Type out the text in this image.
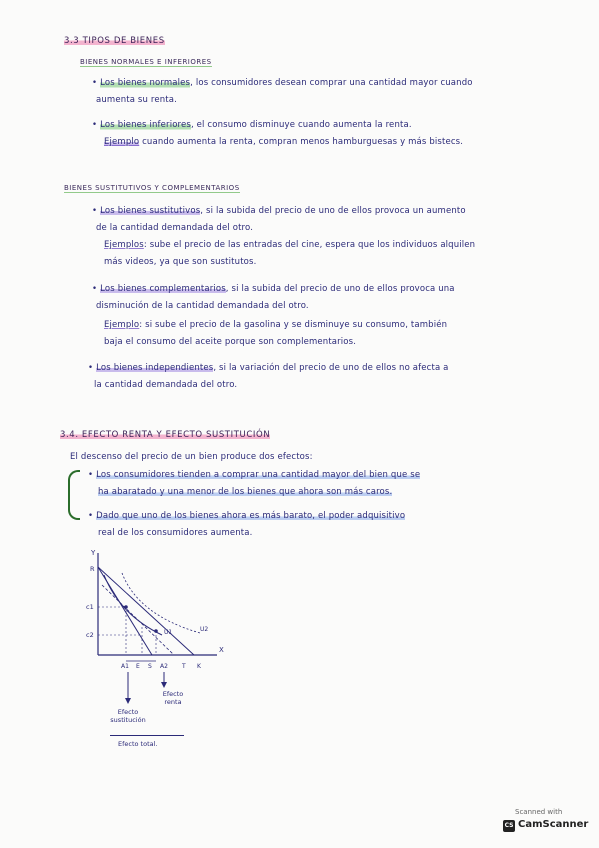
3.3 TIPOS DE BIENES
BIENES NORMALES E INFERIORES
• Los bienes normales, los consumidores desean comprar una cantidad mayor cuando
aumenta su renta.
• Los bienes inferiores, el consumo disminuye cuando aumenta la renta.
Ejemplo cuando aumenta la renta, compran menos hamburguesas y más bistecs.
BIENES SUSTITUTIVOS Y COMPLEMENTARIOS
• Los bienes sustitutivos, si la subida del precio de uno de ellos provoca un aumento
de la cantidad demandada del otro.
Ejemplos: sube el precio de las entradas del cine, espera que los individuos alquilen
más videos, ya que son sustitutos.
• Los bienes complementarios, si la subida del precio de uno de ellos provoca una
disminución de la cantidad demandada del otro.
Ejemplo: si sube el precio de la gasolina y se disminuye su consumo, también
baja el consumo del aceite porque son complementarios.
• Los bienes independientes, si la variación del precio de uno de ellos no afecta a
la cantidad demandada del otro.
3.4. EFECTO RENTA Y EFECTO SUSTITUCIÓN
El descenso del precio de un bien produce dos efectos:
• Los consumidores tienden a comprar una cantidad mayor del bien que se
ha abaratado y una menor de los bienes que ahora son más caros.
• Dado que uno de los bienes ahora es más barato, el poder adquisitivo
real de los consumidores aumenta.
Y
X
R
c1
c2	U1	U2
A1 E S A2 T K
Efecto renta
Efecto sustitución
Efecto total.
Scanned with
CS CamScanner
